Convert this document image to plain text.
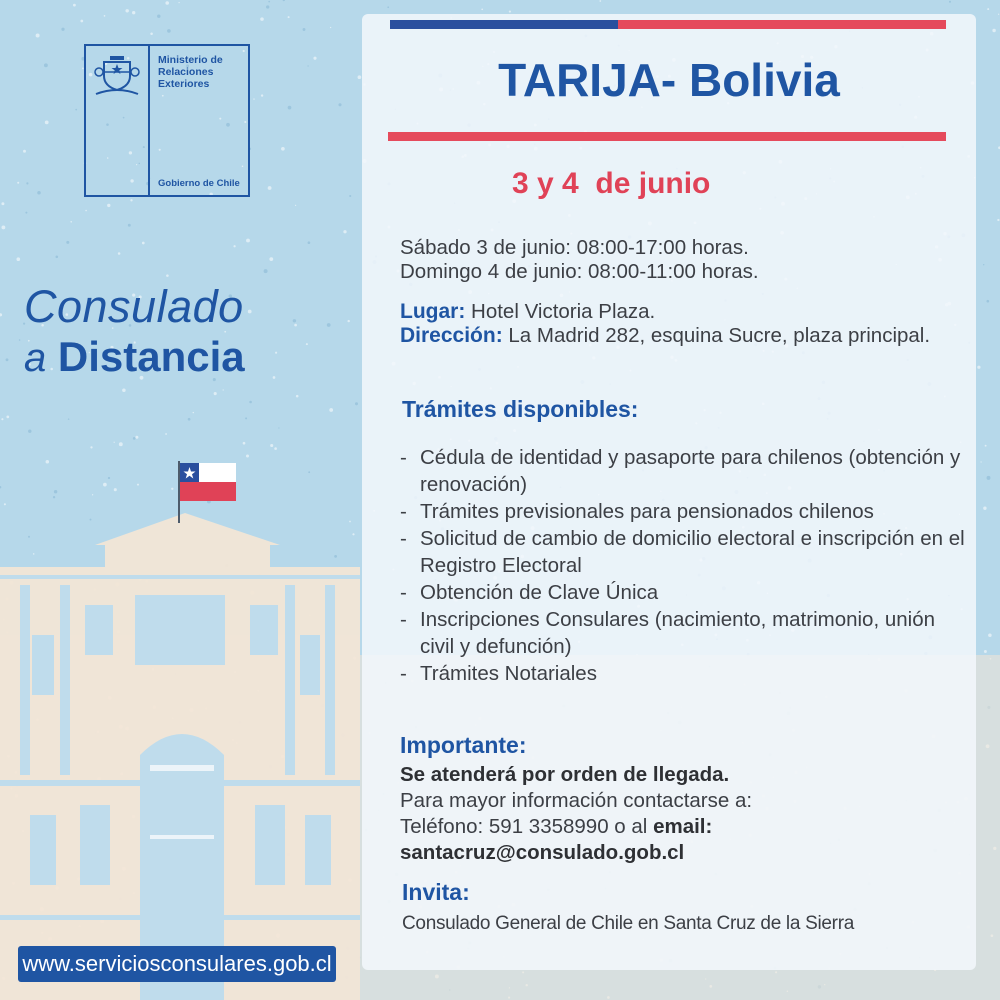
Ministerio de
Relaciones
Exteriores
Gobierno de Chile
Consulado
a Distancia
www.serviciosconsulares.gob.cl
TARIJA- Bolivia
3 y 4  de junio
Sábado 3 de junio: 08:00-17:00 horas.
Domingo 4 de junio: 08:00-11:00 horas.
Lugar: Hotel Victoria Plaza.
Dirección: La Madrid 282, esquina Sucre, plaza principal.
Trámites disponibles:
- Cédula de identidad y pasaporte para chilenos (obtención y renovación)
- Trámites previsionales para pensionados chilenos
- Solicitud de cambio de domicilio electoral e inscripción en el Registro Electoral
- Obtención de Clave Única
- Inscripciones Consulares (nacimiento, matrimonio, unión civil y defunción)
- Trámites Notariales
Importante:
Se atenderá por orden de llegada.
Para mayor información contactarse a:
Teléfono: 591 3358990 o al email:
santacruz@consulado.gob.cl
Invita:
Consulado General de Chile en Santa Cruz de la Sierra
